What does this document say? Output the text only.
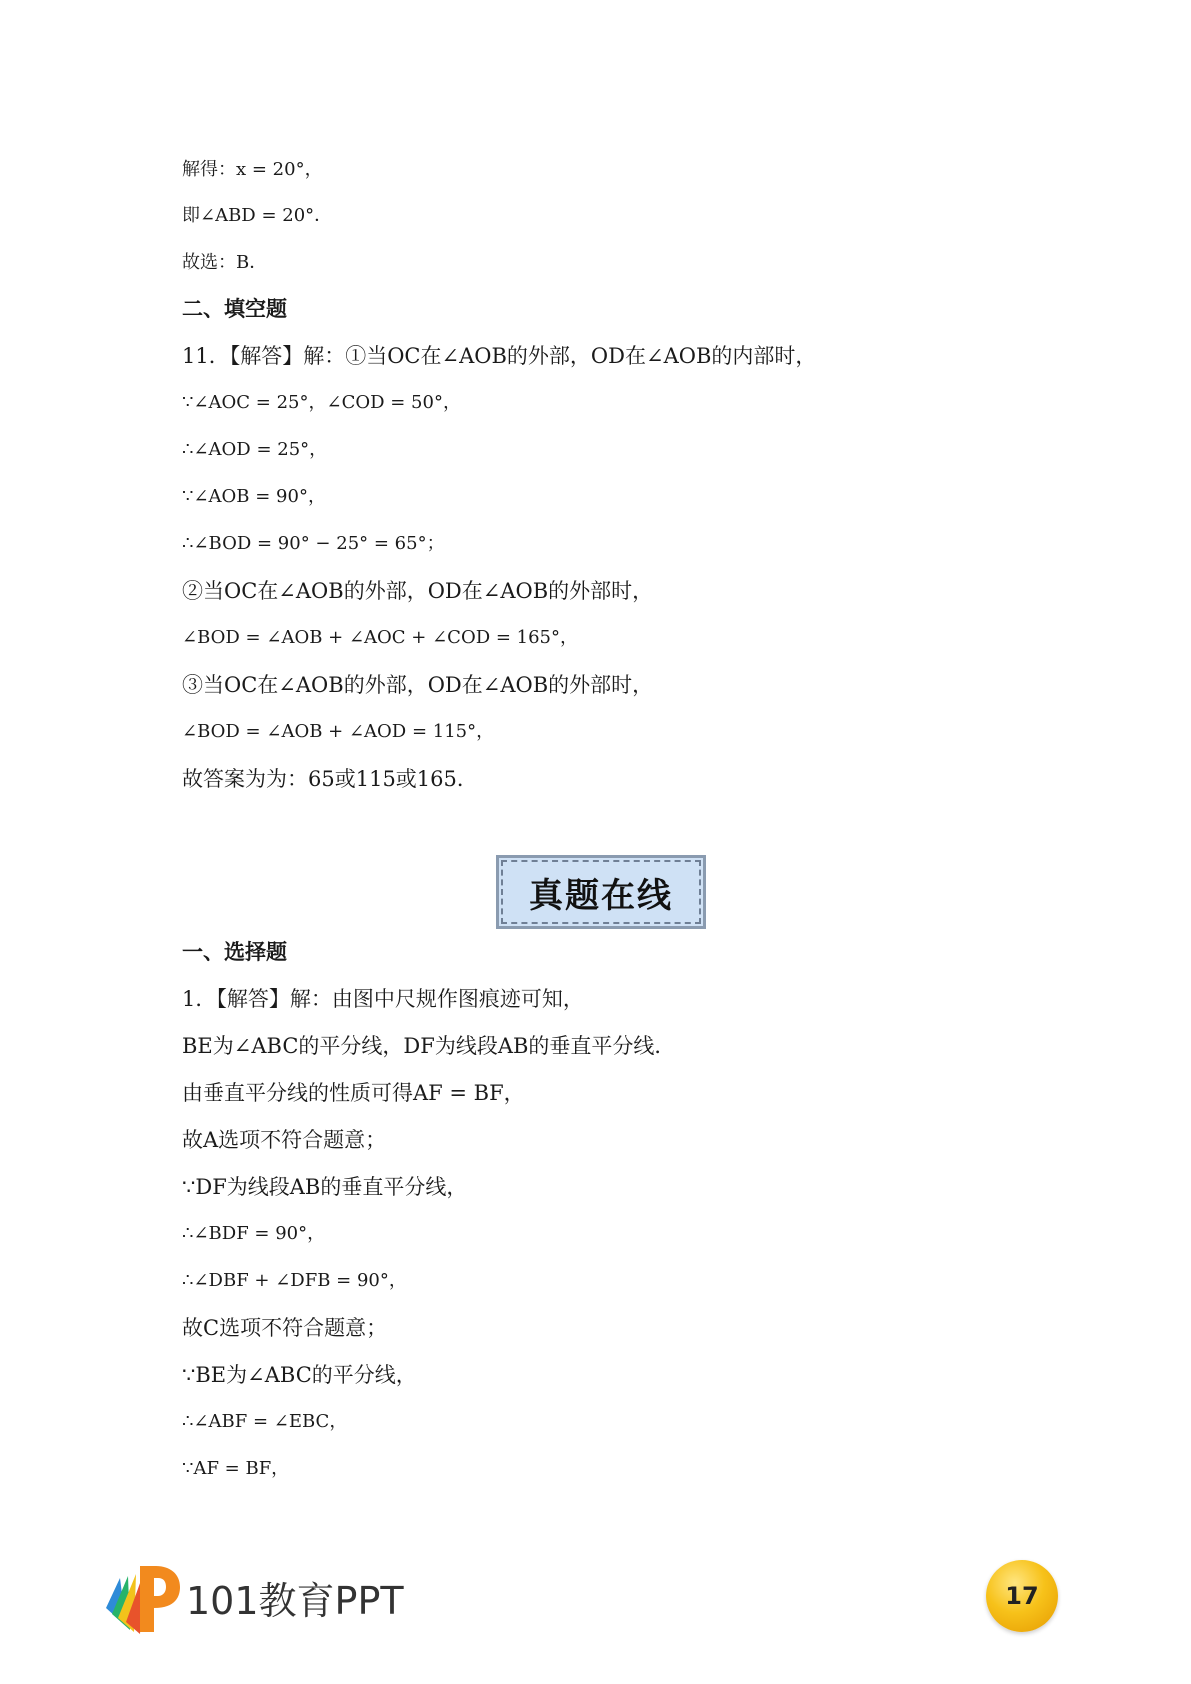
解得：x = 20°，
即∠ABD = 20°．
故选：B．
二、填空题
11．【解答】解：①当OC在∠AOB的外部，OD在∠AOB的内部时，
∵∠AOC = 25°，∠COD = 50°，
∴∠AOD = 25°，
∵∠AOB = 90°，
∴∠BOD = 90° − 25° = 65°；
②当OC在∠AOB的外部，OD在∠AOB的外部时，
∠BOD = ∠AOB + ∠AOC + ∠COD = 165°，
③当OC在∠AOB的外部，OD在∠AOB的外部时，
∠BOD = ∠AOB + ∠AOD = 115°，
故答案为为：65或115或165．
真题在线
一、选择题
1．【解答】解：由图中尺规作图痕迹可知，
BE为∠ABC的平分线，DF为线段AB的垂直平分线．
由垂直平分线的性质可得AF = BF，
故A选项不符合题意；
∵DF为线段AB的垂直平分线，
∴∠BDF = 90°，
∴∠DBF + ∠DFB = 90°，
故C选项不符合题意；
∵BE为∠ABC的平分线，
∴∠ABF = ∠EBC，
∵AF = BF，
101教育PPT	17
